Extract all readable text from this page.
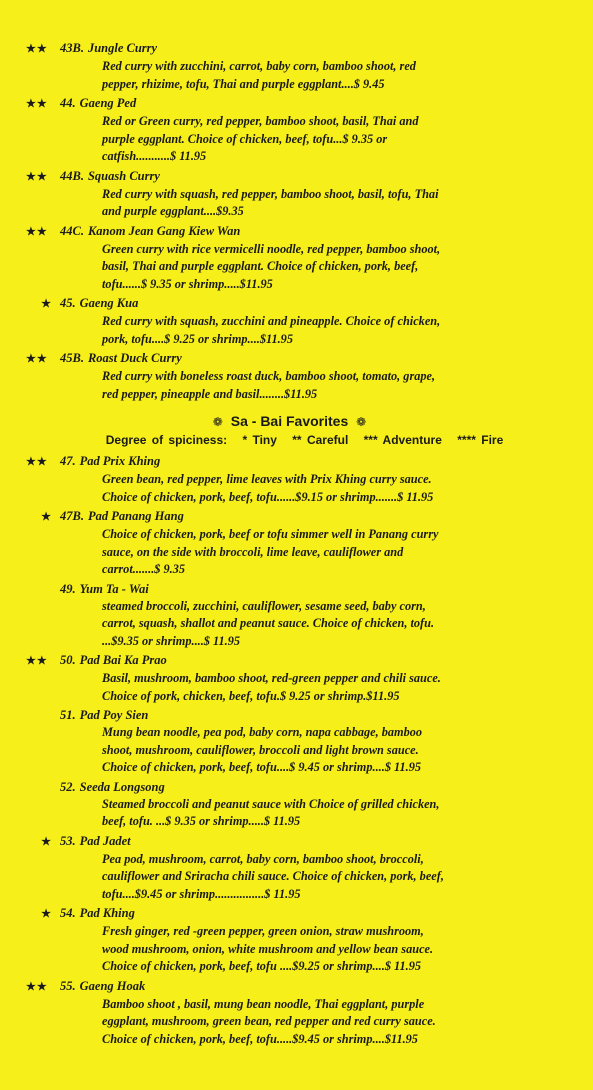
★★ 43B. Jungle Curry
Red curry with zucchini, carrot, baby corn, bamboo shoot, red
pepper, rhizime, tofu, Thai and purple eggplant....$ 9.45
★★ 44. Gaeng Ped
Red or Green curry, red pepper, bamboo shoot, basil, Thai and
purple eggplant. Choice of chicken, beef, tofu...$ 9.35 or
catfish...........$ 11.95
★★ 44B. Squash Curry
Red curry with squash, red pepper, bamboo shoot, basil, tofu, Thai
and purple eggplant....$9.35
★★ 44C. Kanom Jean Gang Kiew Wan
Green curry with rice vermicelli noodle, red pepper, bamboo shoot,
basil, Thai and purple eggplant. Choice of chicken, pork, beef,
tofu......$ 9.35 or shrimp.....$11.95
★ 45. Gaeng Kua
Red curry with squash, zucchini and pineapple. Choice of chicken,
pork, tofu....$ 9.25 or shrimp....$11.95
★★ 45B. Roast Duck Curry
Red curry with boneless roast duck, bamboo shoot, tomato, grape,
red pepper, pineapple and basil........$11.95
❁ Sa - Bai Favorites ❁
Degree of spiciness: * Tiny ** Careful *** Adventure **** Fire
★★ 47. Pad Prix Khing
Green bean, red pepper, lime leaves with Prix Khing curry sauce.
Choice of chicken, pork, beef, tofu......$9.15 or shrimp.......$ 11.95
★ 47B. Pad Panang Hang
Choice of chicken, pork, beef or tofu simmer well in Panang curry
sauce, on the side with broccoli, lime leave, cauliflower and
carrot.......$ 9.35
49. Yum Ta - Wai
steamed broccoli, zucchini, cauliflower, sesame seed, baby corn,
carrot, squash, shallot and peanut sauce. Choice of chicken, tofu.
...$9.35 or shrimp....$ 11.95
★★ 50. Pad Bai Ka Prao
Basil, mushroom, bamboo shoot, red-green pepper and chili sauce.
Choice of pork, chicken, beef, tofu.$ 9.25 or shrimp.$11.95
51. Pad Poy Sien
Mung bean noodle, pea pod, baby corn, napa cabbage, bamboo
shoot, mushroom, cauliflower, broccoli and light brown sauce.
Choice of chicken, pork, beef, tofu....$ 9.45 or shrimp....$ 11.95
52. Seeda Longsong
Steamed broccoli and peanut sauce with Choice of grilled chicken,
beef, tofu. ...$ 9.35 or shrimp.....$ 11.95
★ 53. Pad Jadet
Pea pod, mushroom, carrot, baby corn, bamboo shoot, broccoli,
cauliflower and Sriracha chili sauce. Choice of chicken, pork, beef,
tofu....$9.45 or shrimp................$ 11.95
★ 54. Pad Khing
Fresh ginger, red -green pepper, green onion, straw mushroom,
wood mushroom, onion, white mushroom and yellow bean sauce.
Choice of chicken, pork, beef, tofu ....$9.25 or shrimp....$ 11.95
★★ 55. Gaeng Hoak
Bamboo shoot , basil, mung bean noodle, Thai eggplant, purple
eggplant, mushroom, green bean, red pepper and red curry sauce.
Choice of chicken, pork, beef, tofu.....$9.45 or shrimp....$11.95
